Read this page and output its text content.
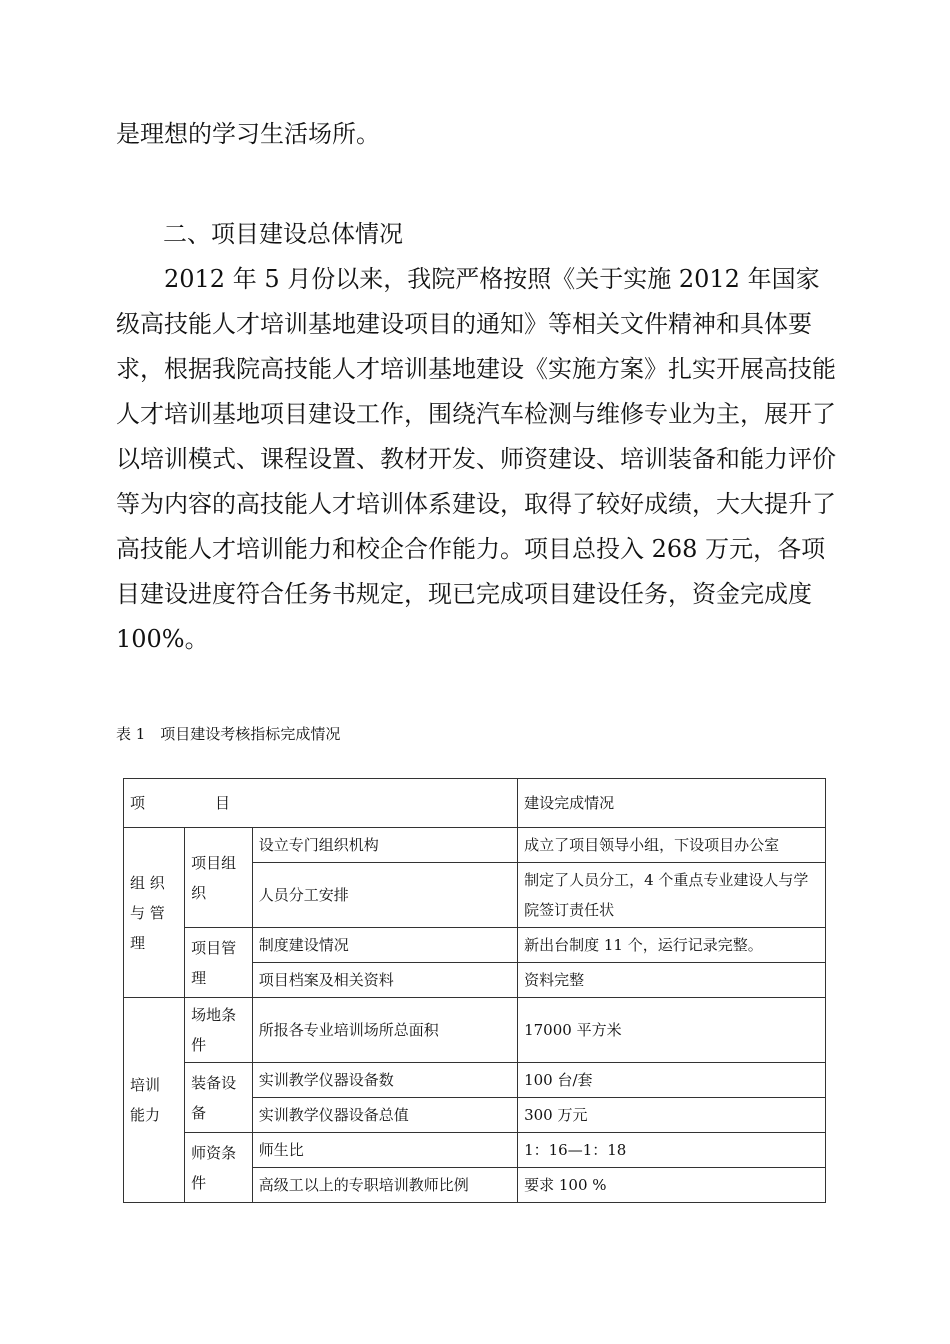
是理想的学习生活场所。

二、项目建设总体情况

2012 年 5 月份以来，我院严格按照《关于实施 2012 年国家级高技能人才培训基地建设项目的通知》等相关文件精神和具体要求，根据我院高技能人才培训基地建设《实施方案》扎实开展高技能人才培训基地项目建设工作，围绕汽车检测与维修专业为主，展开了以培训模式、课程设置、教材开发、师资建设、培训装备和能力评价等为内容的高技能人才培训体系建设，取得了较好成绩，大大提升了高技能人才培训能力和校企合作能力。项目总投入 268 万元，各项目建设进度符合任务书规定，现已完成项目建设任务，资金完成度 100%。

表 1　项目建设考核指标完成情况

项 目			建设完成情况
组 织 与 管理	项目组织	设立专门组织机构	成立了项目领导小组，下设项目办公室
		人员分工安排	制定了人员分工，4 个重点专业建设人与学院签订责任状
	项目管理	制度建设情况	新出台制度 11 个，运行记录完整。
		项目档案及相关资料	资料完整
培训 能力	场地条件	所报各专业培训场所总面积	17000 平方米
	装备设备	实训教学仪器设备数	100 台/套
		实训教学仪器设备总值	300 万元
	师资条件	师生比	1：16—1：18
		高级工以上的专职培训教师比例	要求 100 %
